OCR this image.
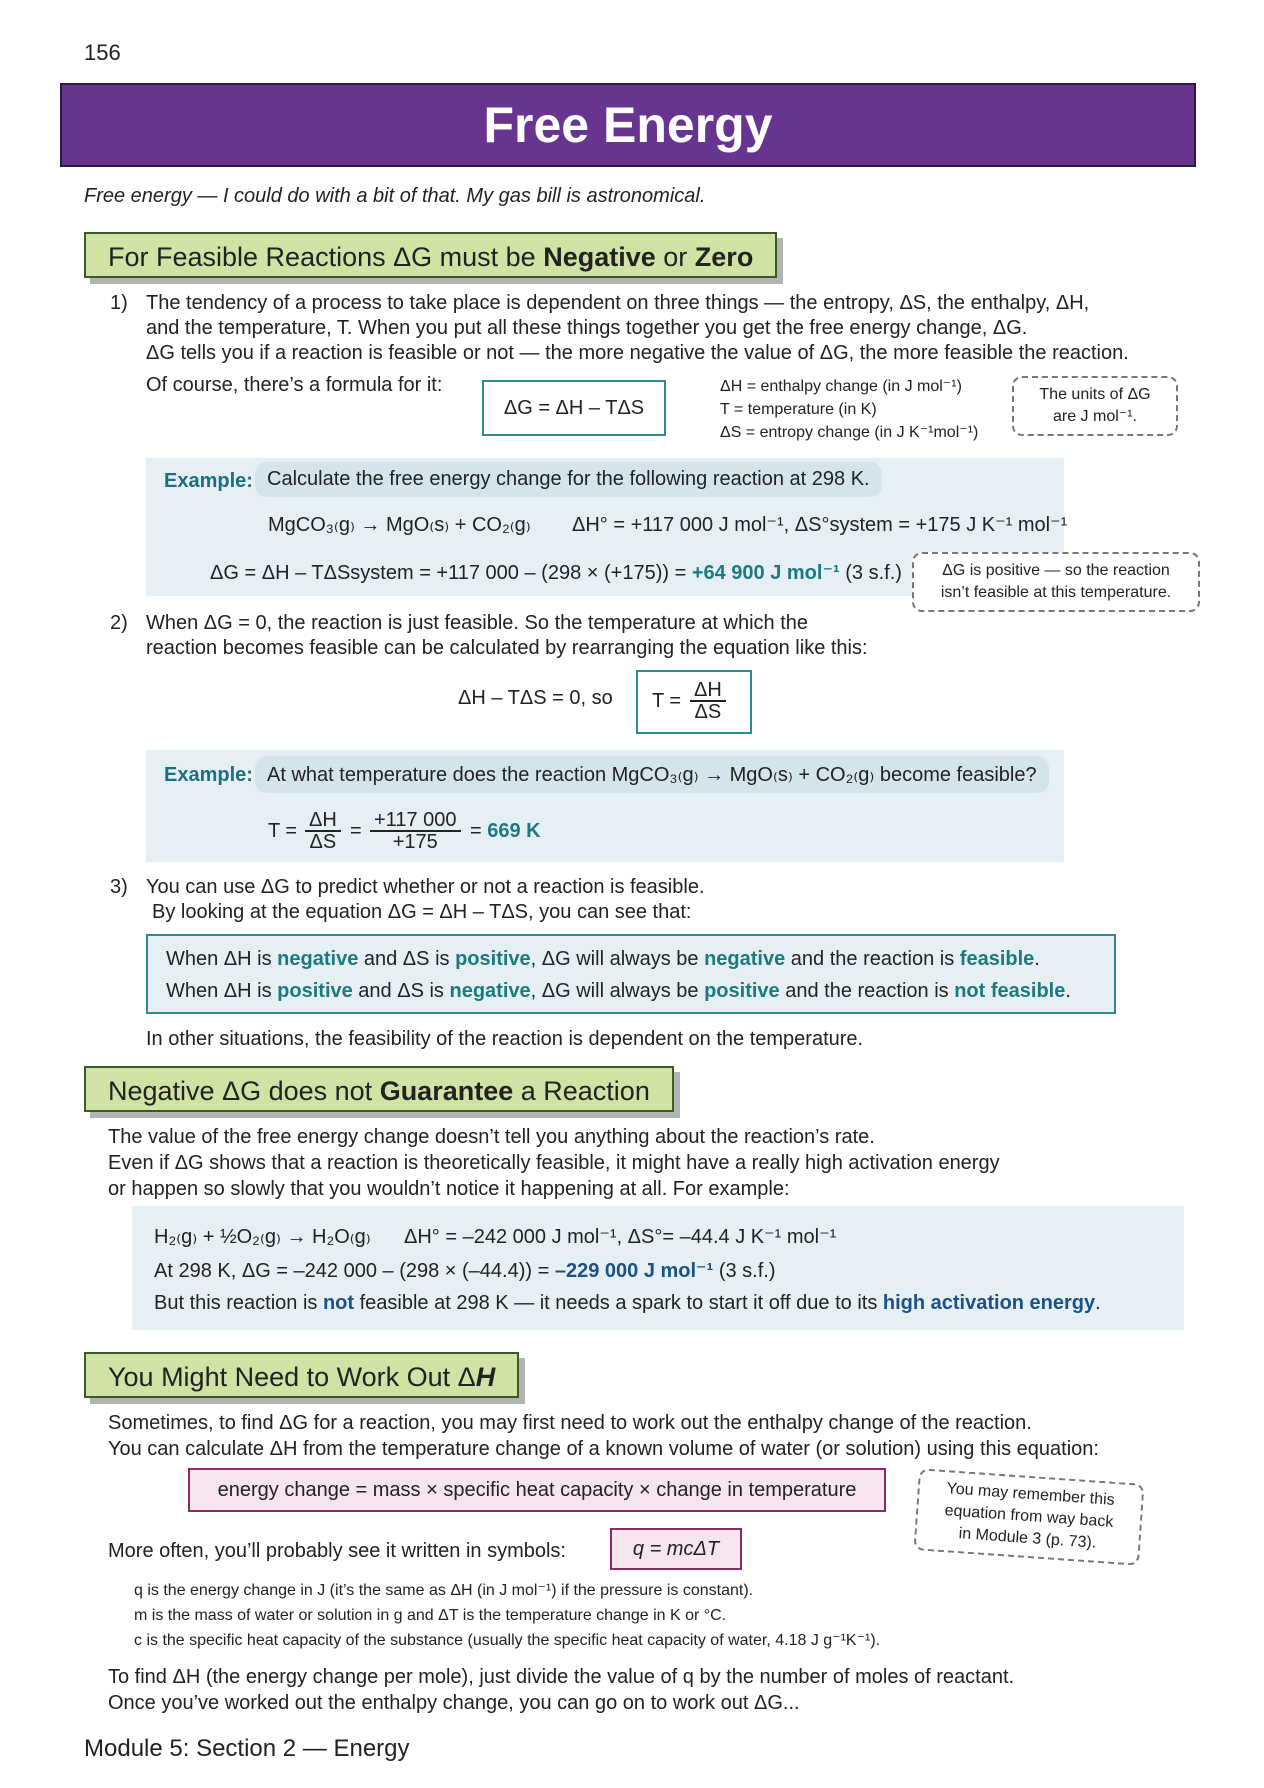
156
Free Energy
Free energy — I could do with a bit of that. My gas bill is astronomical.
For Feasible Reactions ΔG must be Negative or Zero
1) The tendency of a process to take place is dependent on three things — the entropy, ΔS, the enthalpy, ΔH,
and the temperature, T. When you put all these things together you get the free energy change, ΔG.
ΔG tells you if a reaction is feasible or not — the more negative the value of ΔG, the more feasible the reaction.
Of course, there’s a formula for it:
ΔG = ΔH – TΔS
ΔH = enthalpy change (in J mol⁻¹)
T = temperature (in K)
ΔS = entropy change (in J K⁻¹mol⁻¹)
The units of ΔG
are J mol⁻¹.
Example: Calculate the free energy change for the following reaction at 298 K.
MgCO₃₍g₎ → MgO₍s₎ + CO₂₍g₎ ΔH° = +117 000 J mol⁻¹, ΔS°system = +175 J K⁻¹ mol⁻¹
ΔG = ΔH – TΔSsystem = +117 000 – (298 × (+175)) = +64 900 J mol⁻¹ (3 s.f.)	ΔG is positive — so the reaction
isn’t feasible at this temperature.
2) When ΔG = 0, the reaction is just feasible. So the temperature at which the
reaction becomes feasible can be calculated by rearranging the equation like this:
ΔH – TΔS = 0, so $T = \frac{\Delta H}{\Delta S}$
Example: At what temperature does the reaction MgCO₃₍g₎ → MgO₍s₎ + CO₂₍g₎ become feasible?
$T = \frac{\Delta H}{\Delta S} = \frac{+117 000}{+175} = 669$ K
3) You can use ΔG to predict whether or not a reaction is feasible.
By looking at the equation ΔG = ΔH – TΔS, you can see that:
When ΔH is negative and ΔS is positive, ΔG will always be negative and the reaction is feasible.
When ΔH is positive and ΔS is negative, ΔG will always be positive and the reaction is not feasible.
In other situations, the feasibility of the reaction is dependent on the temperature.
Negative ΔG does not Guarantee a Reaction
The value of the free energy change doesn’t tell you anything about the reaction’s rate.
Even if ΔG shows that a reaction is theoretically feasible, it might have a really high activation energy
or happen so slowly that you wouldn’t notice it happening at all. For example:
H₂₍g₎ + ½O₂₍g₎ → H₂O₍g₎ ΔH° = –242 000 J mol⁻¹, ΔS°= –44.4 J K⁻¹ mol⁻¹
At 298 K, ΔG = –242 000 – (298 × (–44.4)) = –229 000 J mol⁻¹ (3 s.f.)
But this reaction is not feasible at 298 K — it needs a spark to start it off due to its high activation energy.
You Might Need to Work Out ΔH
Sometimes, to find ΔG for a reaction, you may first need to work out the enthalpy change of the reaction.
You can calculate ΔH from the temperature change of a known volume of water (or solution) using this equation:
energy change = mass × specific heat capacity × change in temperature
More often, you’ll probably see it written in symbols:	q = mcΔT
You may remember this
equation from way back
in Module 3 (p. 73).
q is the energy change in J (it’s the same as ΔH (in J mol⁻¹) if the pressure is constant).
m is the mass of water or solution in g and ΔT is the temperature change in K or °C.
c is the specific heat capacity of the substance (usually the specific heat capacity of water, 4.18 J g⁻¹K⁻¹).
To find ΔH (the energy change per mole), just divide the value of q by the number of moles of reactant.
Once you’ve worked out the enthalpy change, you can go on to work out ΔG...
Module 5: Section 2 — Energy
